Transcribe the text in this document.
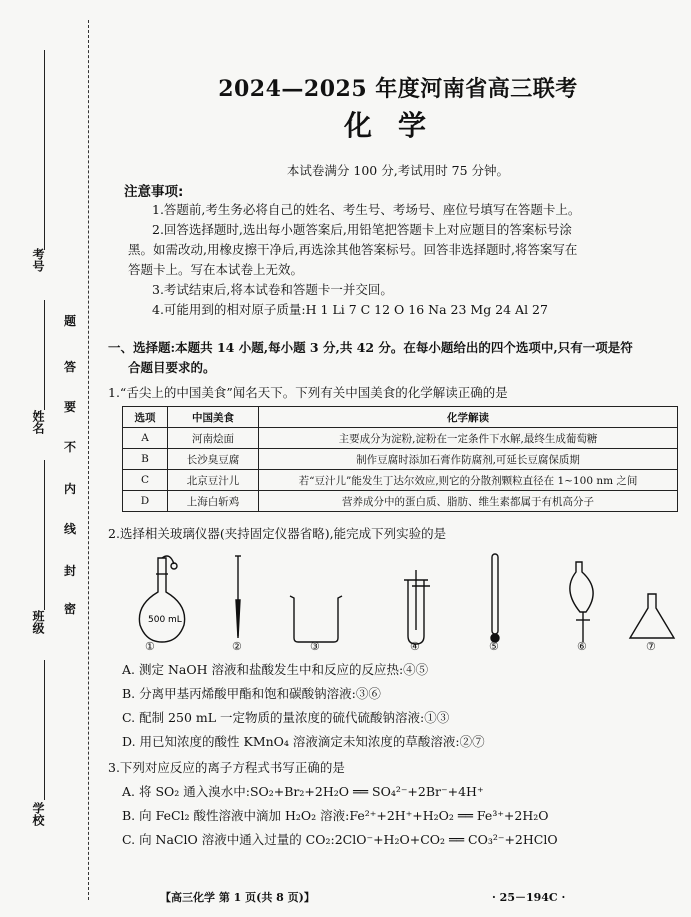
考号
姓名
班级
学校
题
答
要
不
内
线
封
密
2024—2025 年度河南省高三联考
化学
本试卷满分 100 分,考试用时 75 分钟。
注意事项:
1.答题前,考生务必将自己的姓名、考生号、考场号、座位号填写在答题卡上。
2.回答选择题时,选出每小题答案后,用铅笔把答题卡上对应题目的答案标号涂
黑。如需改动,用橡皮擦干净后,再选涂其他答案标号。回答非选择题时,将答案写在
答题卡上。写在本试卷上无效。
3.考试结束后,将本试卷和答题卡一并交回。
4.可能用到的相对原子质量:H 1 Li 7 C 12 O 16 Na 23 Mg 24 Al 27
一、选择题:本题共 14 小题,每小题 3 分,共 42 分。在每小题给出的四个选项中,只有一项是符
合题目要求的。
1.“舌尖上的中国美食”闻名天下。下列有关中国美食的化学解读正确的是
选项	中国美食	化学解读
A	河南烩面	主要成分为淀粉,淀粉在一定条件下水解,最终生成葡萄糖
B	长沙臭豆腐	制作豆腐时添加石膏作防腐剂,可延长豆腐保质期
C	北京豆汁儿	若“豆汁儿”能发生丁达尔效应,则它的分散剂颗粒直径在 1~100 nm 之间
D	上海白斩鸡	营养成分中的蛋白质、脂肪、维生素都属于有机高分子
2.选择相关玻璃仪器(夹持固定仪器省略),能完成下列实验的是
500 mL
①	②	③	④	⑤	⑥	⑦
A. 测定 NaOH 溶液和盐酸发生中和反应的反应热:④⑤
B. 分离甲基丙烯酸甲酯和饱和碳酸钠溶液:③⑥
C. 配制 250 mL 一定物质的量浓度的硫代硫酸钠溶液:①③
D. 用已知浓度的酸性 KMnO₄ 溶液滴定未知浓度的草酸溶液:②⑦
3.下列对应反应的离子方程式书写正确的是
A. 将 SO₂ 通入溴水中:SO₂+Br₂+2H₂O ══ SO₄²⁻+2Br⁻+4H⁺
B. 向 FeCl₂ 酸性溶液中滴加 H₂O₂ 溶液:Fe²⁺+2H⁺+H₂O₂ ══ Fe³⁺+2H₂O
C. 向 NaClO 溶液中通入过量的 CO₂:2ClO⁻+H₂O+CO₂ ══ CO₃²⁻+2HClO
【高三化学 第 1 页(共 8 页)】	· 25－194C ·
